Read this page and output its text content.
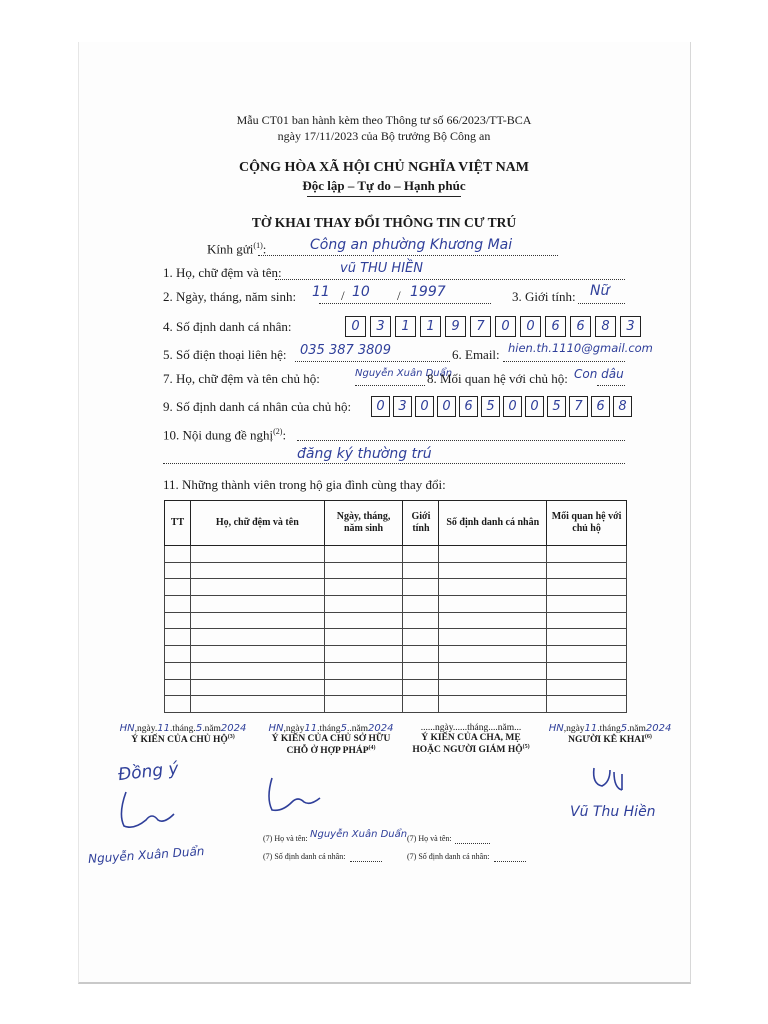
Mẫu CT01 ban hành kèm theo Thông tư số 66/2023/TT-BCA
ngày 17/11/2023 của Bộ trưởng Bộ Công an
CỘNG HÒA XÃ HỘI CHỦ NGHĨA VIỆT NAM
Độc lập – Tự do – Hạnh phúc
TỜ KHAI THAY ĐỔI THÔNG TIN CƯ TRÚ
Kính gửi$^{(1)}$:	Công an phường Khương Mai
1. Họ, chữ đệm và tên:	vũ THU HIỀN
2. Ngày, tháng, năm sinh: 11 / 10 / 1997	3. Giới tính: Nữ
4. Số định danh cá nhân:	0	3	1	1	9	7	0	0	6	6	8	3
5. Số điện thoại liên hệ: 035 387 3809	6. Email: hien.th.1110@gmail.com
7. Họ, chữ đệm và tên chủ hộ:	Nguyễn Xuân Duẩn
8. Mối quan hệ với chủ hộ: Con dâu
9. Số định danh cá nhân của chủ hộ:	0	3	0	0	6	5	0	0	5	7	6	8
10. Nội dung đề nghị$^{(2)}$:
đăng ký thường trú
11. Những thành viên trong hộ gia đình cùng thay đổi:
TT	Họ, chữ đệm và tên	Ngày, tháng, năm sinh	Giới tính	Số định danh cá nhân	Mối quan hệ với chủ hộ

HN,ngày.11.tháng.5.năm2024
Ý KIẾN CỦA CHỦ HỘ$^{(3)}$
Đồng ý
Nguyễn Xuân Duẩn
HN,ngày11.tháng5..năm2024
Ý KIẾN CỦA CHỦ SỞ HỮU
CHỖ Ở HỢP PHÁP$^{(4)}$
(7) Họ và tên: Nguyễn Xuân Duẩn
(7) Số định danh cá nhân:
......ngày......tháng....năm...
Ý KIẾN CỦA CHA, MẸ
HOẶC NGƯỜI GIÁM HỘ$^{(5)}$
(7) Họ và tên:
(7) Số định danh cá nhân:
HN,ngày11.tháng5.năm2024
NGƯỜI KÊ KHAI$^{(6)}$
Vũ Thu Hiền
